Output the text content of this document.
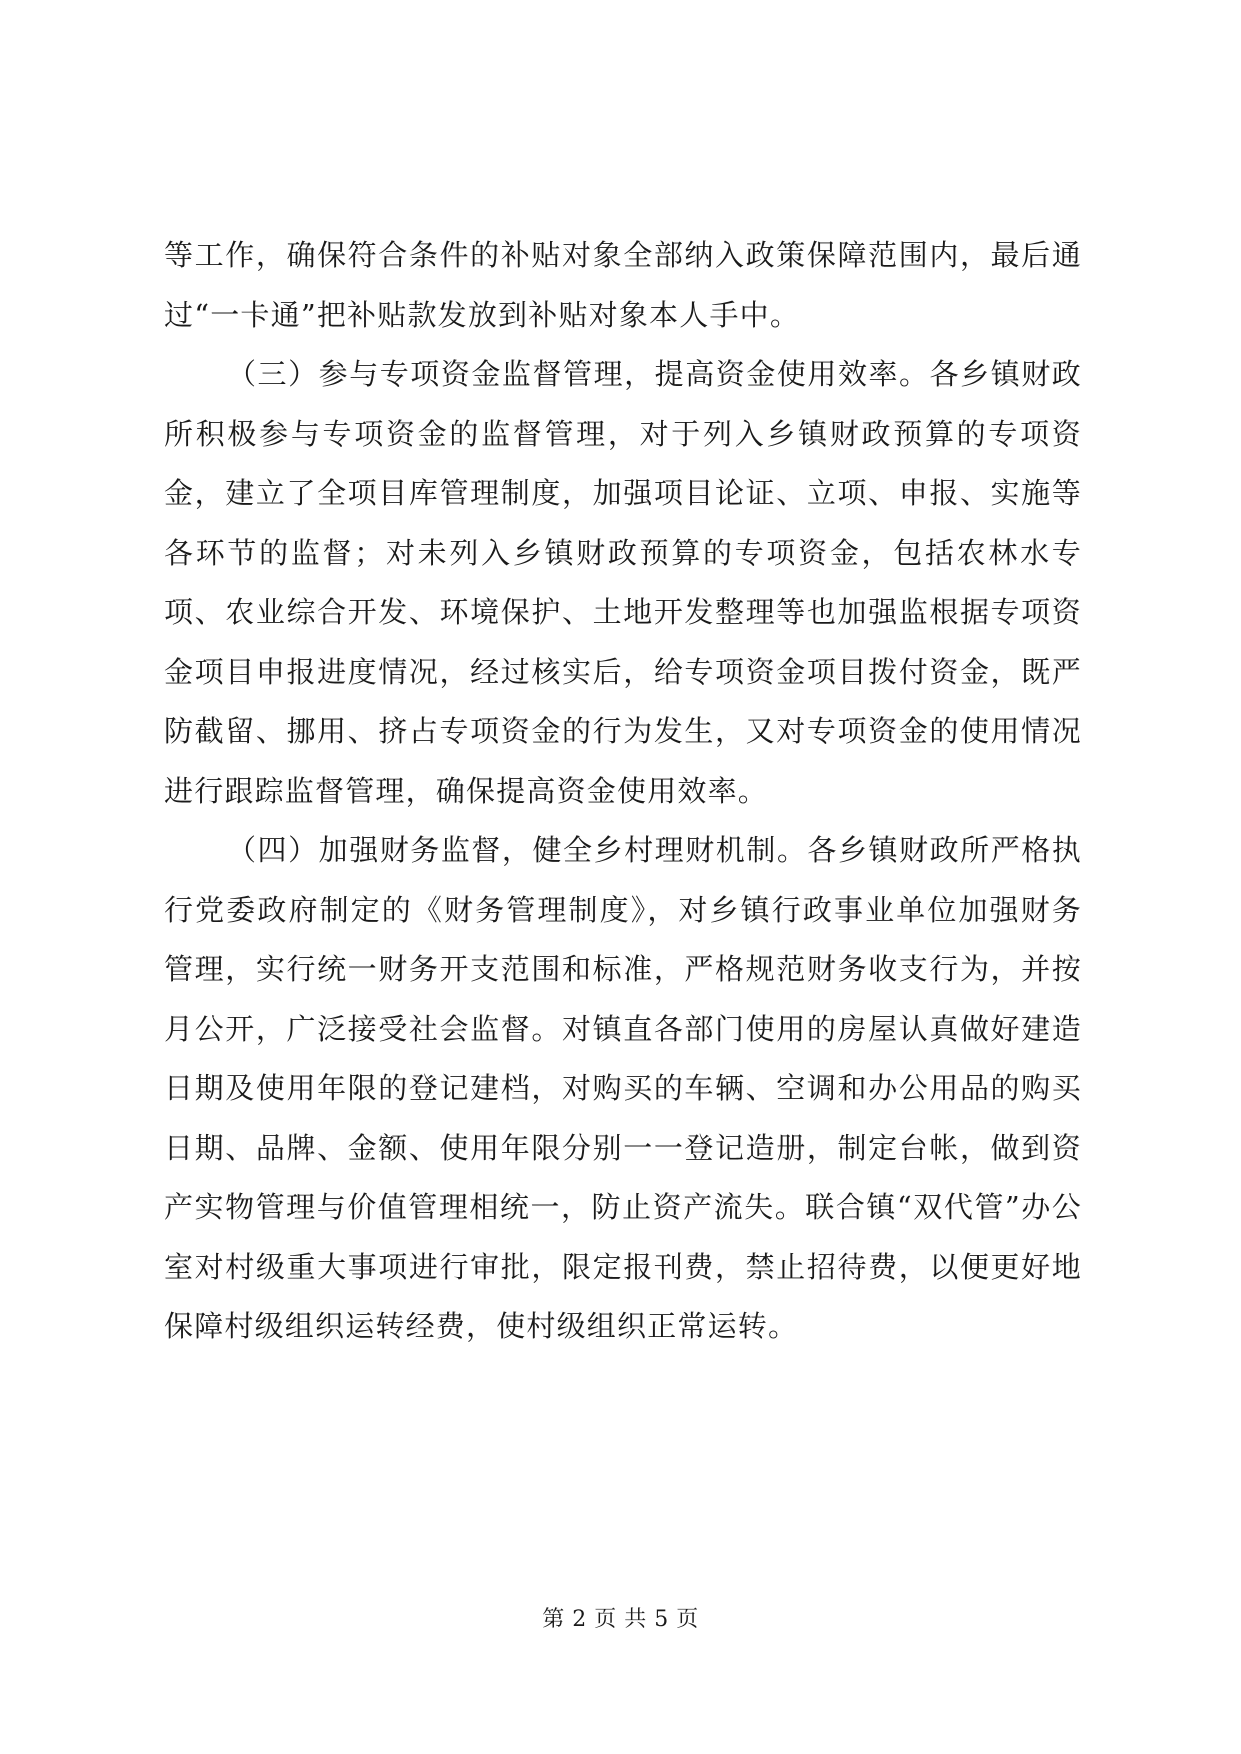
等工作，确保符合条件的补贴对象全部纳入政策保障范围内，最后通过“一卡通”把补贴款发放到补贴对象本人手中。

（三）参与专项资金监督管理，提高资金使用效率。各乡镇财政所积极参与专项资金的监督管理，对于列入乡镇财政预算的专项资金，建立了全项目库管理制度，加强项目论证、立项、申报、实施等各环节的监督；对未列入乡镇财政预算的专项资金，包括农林水专项、农业综合开发、环境保护、土地开发整理等也加强监根据专项资金项目申报进度情况，经过核实后，给专项资金项目拨付资金，既严防截留、挪用、挤占专项资金的行为发生，又对专项资金的使用情况进行跟踪监督管理，确保提高资金使用效率。

（四）加强财务监督，健全乡村理财机制。各乡镇财政所严格执行党委政府制定的《财务管理制度》，对乡镇行政事业单位加强财务管理，实行统一财务开支范围和标准，严格规范财务收支行为，并按月公开，广泛接受社会监督。对镇直各部门使用的房屋认真做好建造日期及使用年限的登记建档，对购买的车辆、空调和办公用品的购买日期、品牌、金额、使用年限分别一一登记造册，制定台帐，做到资产实物管理与价值管理相统一，防止资产流失。联合镇“双代管”办公室对村级重大事项进行审批，限定报刊费，禁止招待费，以便更好地保障村级组织运转经费，使村级组织正常运转。

第 2 页 共 5 页
